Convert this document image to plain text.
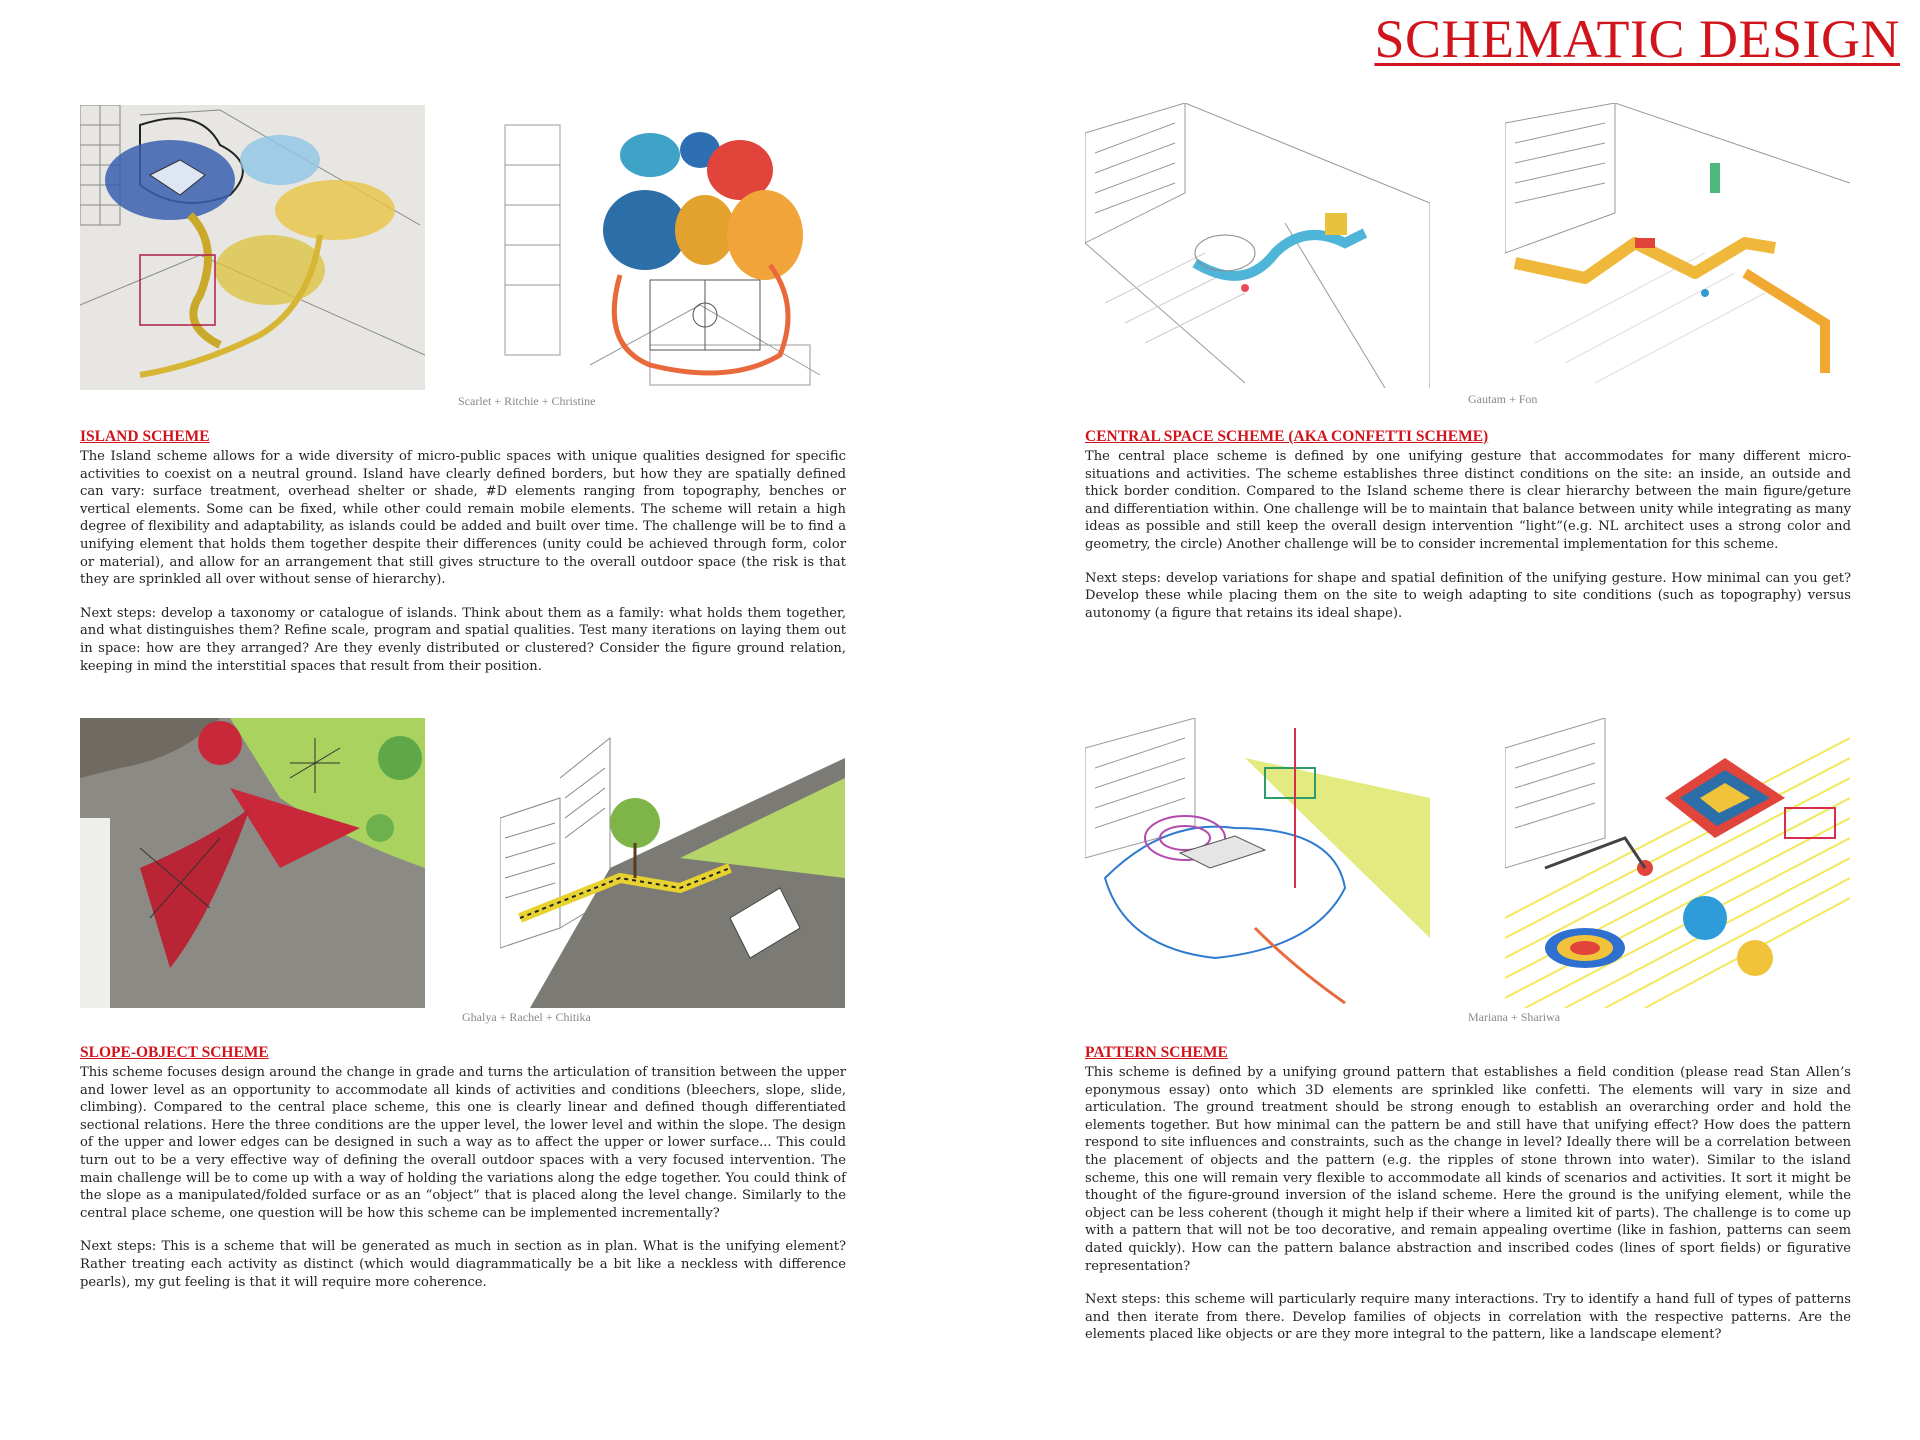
SCHEMATIC DESIGN
Scarlet + Ritchie + Christine	Gautam + Fon
Ghalya + Rachel + Chitika	Mariana + Shariwa
ISLAND SCHEME

The Island scheme allows for a wide diversity of micro-public spaces with unique qualities designed for specific activities to coexist on a neutral ground. Island have clearly defined borders, but how they are spatially defined can vary: surface treatment, overhead shelter or shade, #D elements ranging from topography, benches or vertical elements. Some can be fixed, while other could remain mobile elements. The scheme will retain a high degree of flexibility and adaptability, as islands could be added and built over time. The challenge will be to find a unifying element that holds them together despite their differences (unity could be achieved through form, color or material), and allow for an arrangement that still gives structure to the overall outdoor space (the risk is that they are sprinkled all over without sense of hierarchy).

Next steps: develop a taxonomy or catalogue of islands. Think about them as a family: what holds them together, and what distinguishes them? Refine scale, program and spatial qualities. Test many iterations on laying them out in space: how are they arranged? Are they evenly distributed or clustered? Consider the figure ground relation, keeping in mind the interstitial spaces that result from their position.

CENTRAL SPACE SCHEME (AKA CONFETTI SCHEME)

The central place scheme is defined by one unifying gesture that accommodates for many different micro-situations and activities. The scheme establishes three distinct conditions on the site: an inside, an outside and thick border condition. Compared to the Island scheme there is clear hierarchy between the main figure/geture and differentiation within. One challenge will be to maintain that balance between unity while integrating as many ideas as possible and still keep the overall design intervention “light”(e.g. NL architect uses a strong color and geometry, the circle) Another challenge will be to consider incremental implementation for this scheme.

Next steps: develop variations for shape and spatial definition of the unifying gesture. How minimal can you get? Develop these while placing them on the site to weigh adapting to site conditions (such as topography) versus autonomy (a figure that retains its ideal shape).

SLOPE-OBJECT SCHEME

This scheme focuses design around the change in grade and turns the articulation of transition between the upper and lower level as an opportunity to accommodate all kinds of activities and conditions (bleechers, slope, slide, climbing). Compared to the central place scheme, this one is clearly linear and defined though differentiated sectional relations. Here the three conditions are the upper level, the lower level and within the slope. The design of the upper and lower edges can be designed in such a way as to affect the upper or lower surface... This could turn out to be a very effective way of defining the overall outdoor spaces with a very focused intervention. The main challenge will be to come up with a way of holding the variations along the edge together. You could think of the slope as a manipulated/folded surface or as an “object” that is placed along the level change. Similarly to the central place scheme, one question will be how this scheme can be implemented incrementally?

Next steps: This is a scheme that will be generated as much in section as in plan. What is the unifying element? Rather treating each activity as distinct (which would diagrammatically be a bit like a neckless with difference pearls), my gut feeling is that it will require more coherence.

PATTERN SCHEME

This scheme is defined by a unifying ground pattern that establishes a field condition (please read Stan Allen’s eponymous essay) onto which 3D elements are sprinkled like confetti. The elements will vary in size and articulation. The ground treatment should be strong enough to establish an overarching order and hold the elements together. But how minimal can the pattern be and still have that unifying effect? How does the pattern respond to site influences and constraints, such as the change in level? Ideally there will be a correlation between the placement of objects and the pattern (e.g. the ripples of stone thrown into water). Similar to the island scheme, this one will remain very flexible to accommodate all kinds of scenarios and activities. It sort it might be thought of the figure-ground inversion of the island scheme. Here the ground is the unifying element, while the object can be less coherent (though it might help if their where a limited kit of parts). The challenge is to come up with a pattern that will not be too decorative, and remain appealing overtime (like in fashion, patterns can seem dated quickly). How can the pattern balance abstraction and inscribed codes (lines of sport fields) or figurative representation?

Next steps: this scheme will particularly require many interactions. Try to identify a hand full of types of patterns and then iterate from there. Develop families of objects in correlation with the respective patterns. Are the elements placed like objects or are they more integral to the pattern, like a landscape element?
